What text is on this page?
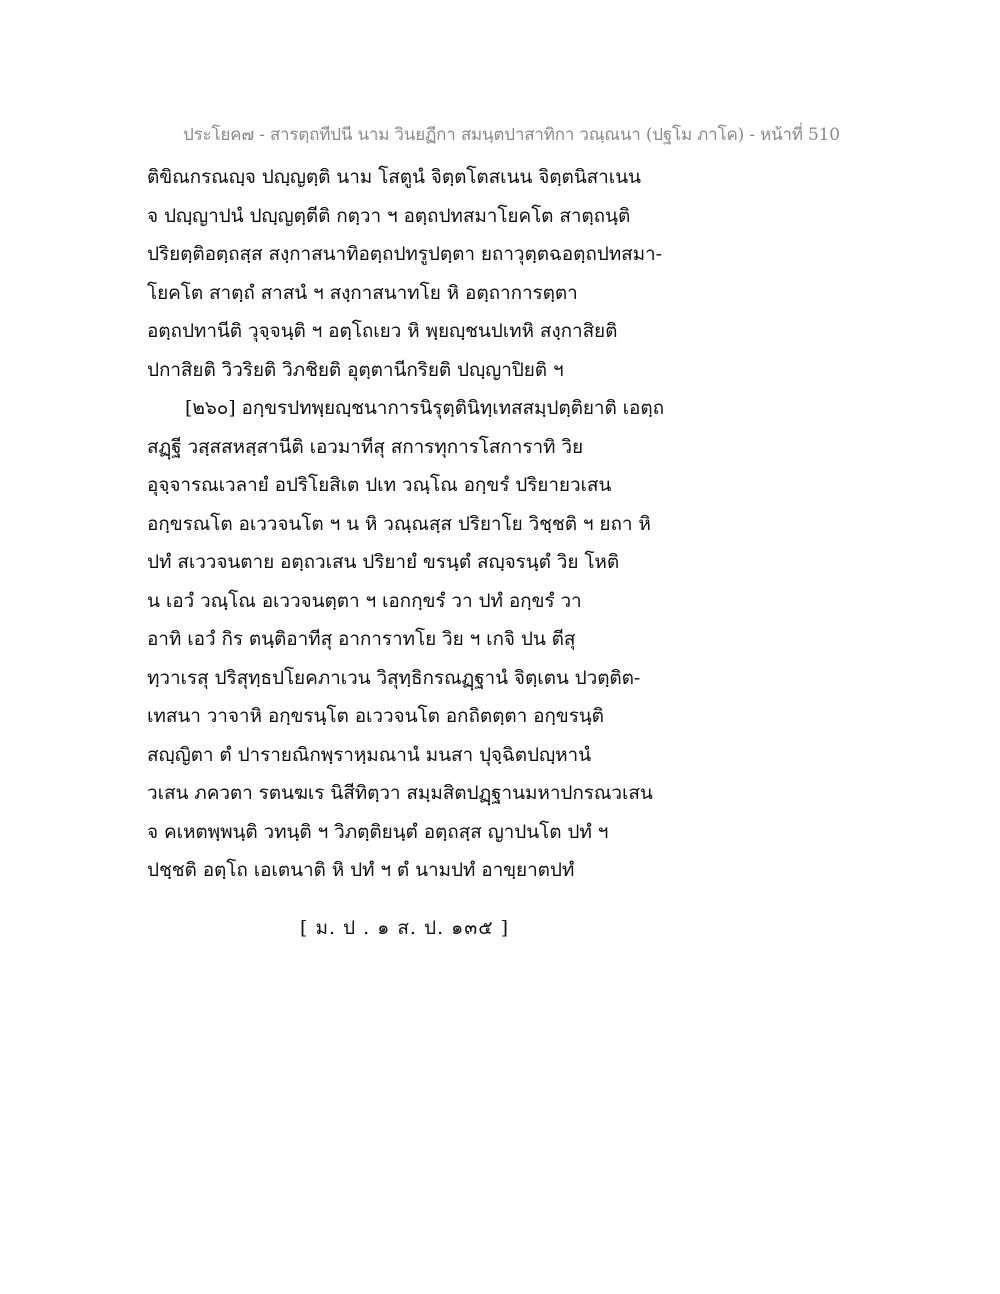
ประโยค๗ - สารตฺถทีปนี นาม วินยฏีกา สมนฺตปาสาทิกา วณฺณนา (ปฐโม ภาโค) - หน้าที่ 510
ติขิณกรณญฺจ ปญฺญตฺติ นาม โสตูนํ จิตฺตโตสเนน จิตฺตนิสาเนน
จ ปญฺญาปนํ ปญฺญตฺตีติ กตฺวา ฯ อตฺถปทสมาโยคโต สาตฺถนฺติ
ปริยตฺติอตฺถสฺส สงฺกาสนาทิอตฺถปทรูปตฺตา ยถาวุตฺตฉอตฺถปทสมา-
โยคโต สาตฺถํ สาสนํ ฯ สงฺกาสนาทโย หิ อตฺถาการตฺตา
อตฺถปทานีติ วุจฺจนฺติ ฯ อตฺโถเยว หิ พฺยญฺชนปเทหิ สงฺกาสิยติ
ปกาสิยติ วิวริยติ วิภชิยติ อุตฺตานีกริยติ ปญฺญาปิยติ ฯ
[๒๖๐] อกฺขรปทพฺยญฺชนาการนิรุตฺตินิทฺเทสสมฺปตฺติยาติ เอตฺถ
สฏฺฐี วสฺสสหสฺสานีติ เอวมาทีสุ สการทุการโสการาทิ วิย
อุจฺจารณเวลายํ อปริโยสิเต ปเท วณฺโณ อกฺขรํ ปริยายวเสน
อกฺขรณโต อเววจนโต ฯ น หิ วณฺณสฺส ปริยาโย วิชฺชติ ฯ ยถา หิ
ปทํ สเววจนตาย อตฺถวเสน ปริยายํ ขรนฺตํ สญฺจรนฺตํ วิย โหติ
น เอวํ วณฺโณ อเววจนตฺตา ฯ เอกกฺขรํ วา ปทํ อกฺขรํ วา
อาทิ เอวํ กิร ตนฺติอาทีสุ อาการาทโย วิย ฯ เกจิ ปน ตีสุ
ทฺวาเรสุ ปริสุทฺธปโยคภาเวน วิสุทฺธิกรณฏฺฐานํ จิตฺเตน ปวตฺติต-
เทสนา วาจาหิ อกฺขรนฺโต อเววจนโต อกถิตตฺตา อกฺขรนฺติ
สญฺญิตา ตํ ปารายณิกพฺราหฺมณานํ มนสา ปุจฺฉิตปญฺหานํ
วเสน ภควตา รตนฆเร นิสีทิตฺวา สมฺมสิตปฏฺฐานมหาปกรณวเสน
จ คเหตพฺพนฺติ วทนฺติ ฯ วิภตฺติยนฺตํ อตฺถสฺส ญาปนโต ปทํ ฯ
ปชฺชติ อตฺโถ เอเตนาติ หิ ปทํ ฯ ตํ นามปทํ อาขฺยาตปทํ
[ ม. ป . ๑ ส. ป. ๑๓๕ ]
